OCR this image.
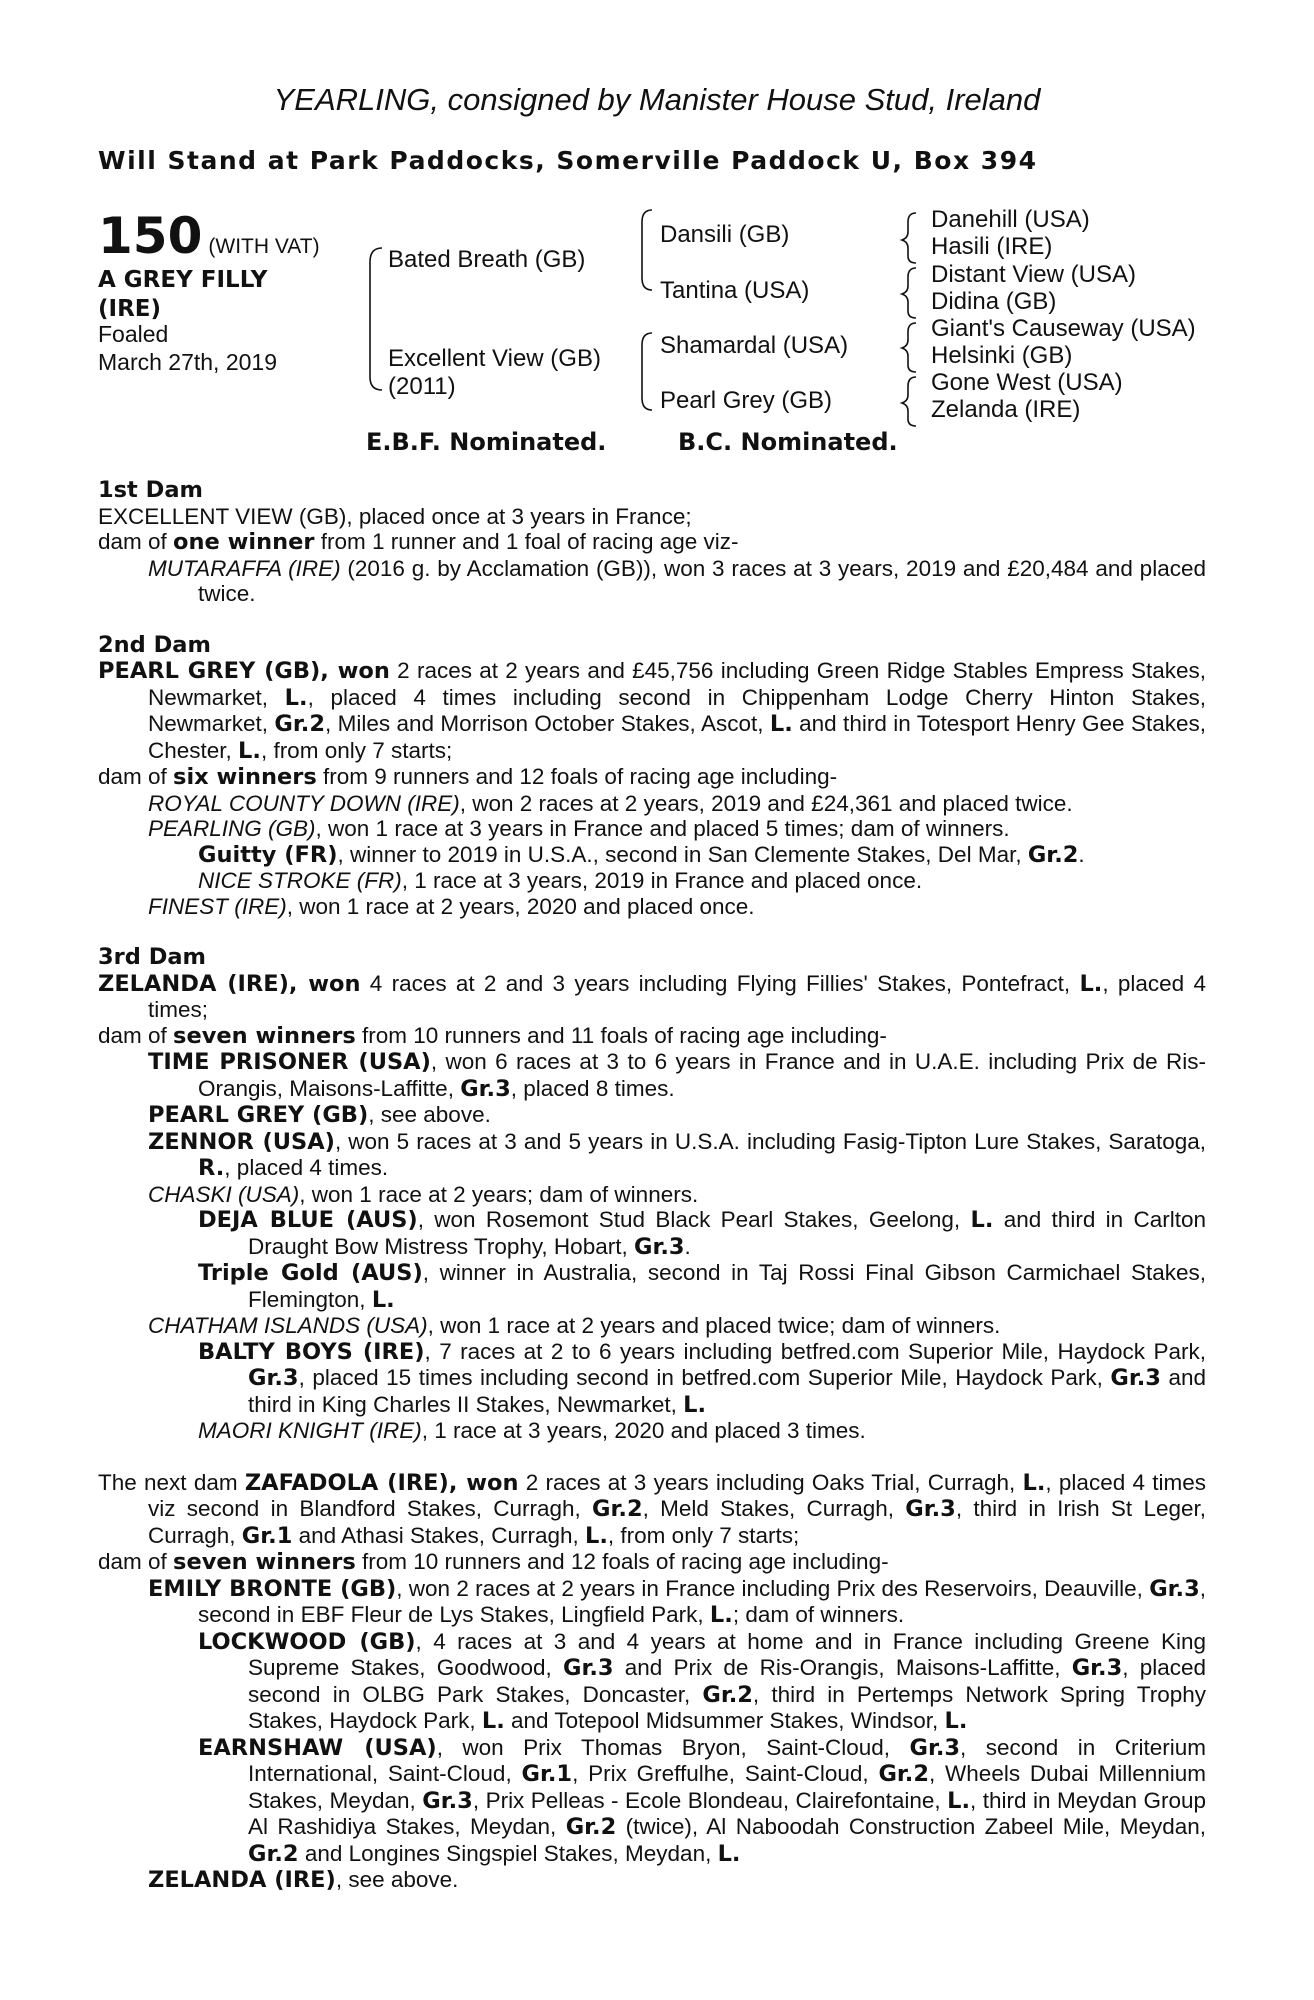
YEARLING, consigned by Manister House Stud, Ireland
Will Stand at Park Paddocks, Somerville Paddock U, Box 394
150 (WITH VAT)
A GREY FILLY
(IRE)
Foaled
March 27th, 2019
Bated Breath (GB)
Excellent View (GB)
(2011)
Dansili (GB)
Tantina (USA)
Shamardal (USA)
Pearl Grey (GB)
Danehill (USA)
Hasili (IRE)
Distant View (USA)
Didina (GB)
Giant's Causeway (USA)
Helsinki (GB)
Gone West (USA)
Zelanda (IRE)
E.B.F. Nominated.	B.C. Nominated.
1st Dam

EXCELLENT VIEW (GB), placed once at 3 years in France;

dam of one winner from 1 runner and 1 foal of racing age viz-

MUTARAFFA (IRE) (2016 g. by Acclamation (GB)), won 3 races at 3 years, 2019 and £20,484 and placed twice.

2nd Dam

PEARL GREY (GB), won 2 races at 2 years and £45,756 including Green Ridge Stables Empress Stakes, Newmarket, L., placed 4 times including second in Chippenham Lodge Cherry Hinton Stakes, Newmarket, Gr.2, Miles and Morrison October Stakes, Ascot, L. and third in Totesport Henry Gee Stakes, Chester, L., from only 7 starts;

dam of six winners from 9 runners and 12 foals of racing age including-

ROYAL COUNTY DOWN (IRE), won 2 races at 2 years, 2019 and £24,361 and placed twice.

PEARLING (GB), won 1 race at 3 years in France and placed 5 times; dam of winners.

Guitty (FR), winner to 2019 in U.S.A., second in San Clemente Stakes, Del Mar, Gr.2.

NICE STROKE (FR), 1 race at 3 years, 2019 in France and placed once.

FINEST (IRE), won 1 race at 2 years, 2020 and placed once.

3rd Dam

ZELANDA (IRE), won 4 races at 2 and 3 years including Flying Fillies' Stakes, Pontefract, L., placed 4 times;

dam of seven winners from 10 runners and 11 foals of racing age including-

TIME PRISONER (USA), won 6 races at 3 to 6 years in France and in U.A.E. including Prix de Ris-Orangis, Maisons-Laffitte, Gr.3, placed 8 times.

PEARL GREY (GB), see above.

ZENNOR (USA), won 5 races at 3 and 5 years in U.S.A. including Fasig-Tipton Lure Stakes, Saratoga, R., placed 4 times.

CHASKI (USA), won 1 race at 2 years; dam of winners.

DEJA BLUE (AUS), won Rosemont Stud Black Pearl Stakes, Geelong, L. and third in Carlton Draught Bow Mistress Trophy, Hobart, Gr.3.

Triple Gold (AUS), winner in Australia, second in Taj Rossi Final Gibson Carmichael Stakes, Flemington, L.

CHATHAM ISLANDS (USA), won 1 race at 2 years and placed twice; dam of winners.

BALTY BOYS (IRE), 7 races at 2 to 6 years including betfred.com Superior Mile, Haydock Park, Gr.3, placed 15 times including second in betfred.com Superior Mile, Haydock Park, Gr.3 and third in King Charles II Stakes, Newmarket, L.

MAORI KNIGHT (IRE), 1 race at 3 years, 2020 and placed 3 times.

The next dam ZAFADOLA (IRE), won 2 races at 3 years including Oaks Trial, Curragh, L., placed 4 times viz second in Blandford Stakes, Curragh, Gr.2, Meld Stakes, Curragh, Gr.3, third in Irish St Leger, Curragh, Gr.1 and Athasi Stakes, Curragh, L., from only 7 starts;

dam of seven winners from 10 runners and 12 foals of racing age including-

EMILY BRONTE (GB), won 2 races at 2 years in France including Prix des Reservoirs, Deauville, Gr.3, second in EBF Fleur de Lys Stakes, Lingfield Park, L.; dam of winners.

LOCKWOOD (GB), 4 races at 3 and 4 years at home and in France including Greene King Supreme Stakes, Goodwood, Gr.3 and Prix de Ris-Orangis, Maisons-Laffitte, Gr.3, placed second in OLBG Park Stakes, Doncaster, Gr.2, third in Pertemps Network Spring Trophy Stakes, Haydock Park, L. and Totepool Midsummer Stakes, Windsor, L.

EARNSHAW (USA), won Prix Thomas Bryon, Saint-Cloud, Gr.3, second in Criterium International, Saint-Cloud, Gr.1, Prix Greffulhe, Saint-Cloud, Gr.2, Wheels Dubai Millennium Stakes, Meydan, Gr.3, Prix Pelleas - Ecole Blondeau, Clairefontaine, L., third in Meydan Group Al Rashidiya Stakes, Meydan, Gr.2 (twice), Al Naboodah Construction Zabeel Mile, Meydan, Gr.2 and Longines Singspiel Stakes, Meydan, L.

ZELANDA (IRE), see above.
